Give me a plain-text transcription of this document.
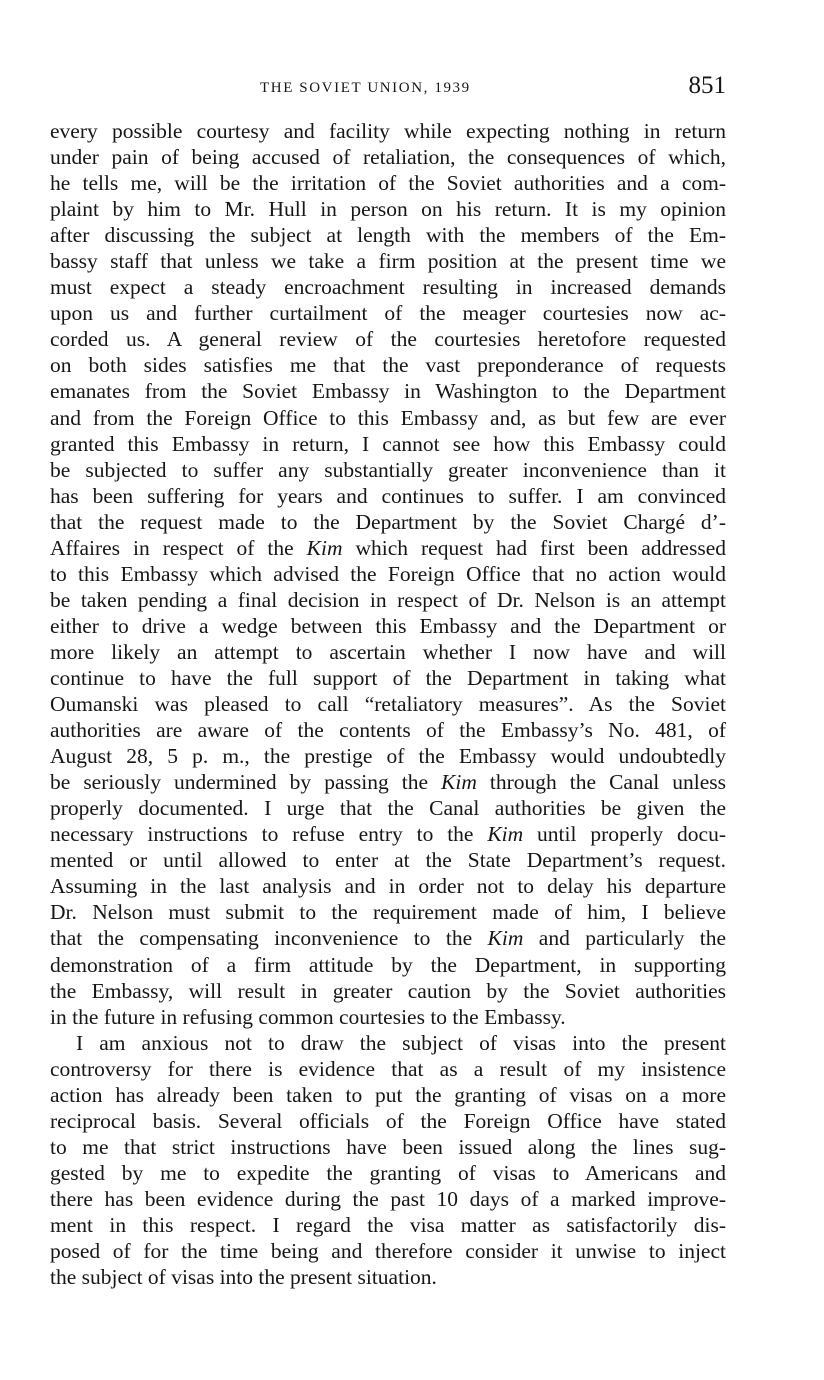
THE SOVIET UNION, 1939	851
every possible courtesy and facility while expecting nothing in return
under pain of being accused of retaliation, the consequences of which,
he tells me, will be the irritation of the Soviet authorities and a com-
plaint by him to Mr. Hull in person on his return. It is my opinion
after discussing the subject at length with the members of the Em-
bassy staff that unless we take a firm position at the present time we
must expect a steady encroachment resulting in increased demands
upon us and further curtailment of the meager courtesies now ac-
corded us. A general review of the courtesies heretofore requested
on both sides satisfies me that the vast preponderance of requests
emanates from the Soviet Embassy in Washington to the Department
and from the Foreign Office to this Embassy and, as but few are ever
granted this Embassy in return, I cannot see how this Embassy could
be subjected to suffer any substantially greater inconvenience than it
has been suffering for years and continues to suffer. I am convinced
that the request made to the Department by the Soviet Chargé d’-
Affaires in respect of the Kim which request had first been addressed
to this Embassy which advised the Foreign Office that no action would
be taken pending a final decision in respect of Dr. Nelson is an attempt
either to drive a wedge between this Embassy and the Department or
more likely an attempt to ascertain whether I now have and will
continue to have the full support of the Department in taking what
Oumanski was pleased to call “retaliatory measures”. As the Soviet
authorities are aware of the contents of the Embassy’s No. 481, of
August 28, 5 p. m., the prestige of the Embassy would undoubtedly
be seriously undermined by passing the Kim through the Canal unless
properly documented. I urge that the Canal authorities be given the
necessary instructions to refuse entry to the Kim until properly docu-
mented or until allowed to enter at the State Department’s request.
Assuming in the last analysis and in order not to delay his departure
Dr. Nelson must submit to the requirement made of him, I believe
that the compensating inconvenience to the Kim and particularly the
demonstration of a firm attitude by the Department, in supporting
the Embassy, will result in greater caution by the Soviet authorities
in the future in refusing common courtesies to the Embassy.
I am anxious not to draw the subject of visas into the present
controversy for there is evidence that as a result of my insistence
action has already been taken to put the granting of visas on a more
reciprocal basis. Several officials of the Foreign Office have stated
to me that strict instructions have been issued along the lines sug-
gested by me to expedite the granting of visas to Americans and
there has been evidence during the past 10 days of a marked improve-
ment in this respect. I regard the visa matter as satisfactorily dis-
posed of for the time being and therefore consider it unwise to inject
the subject of visas into the present situation.
